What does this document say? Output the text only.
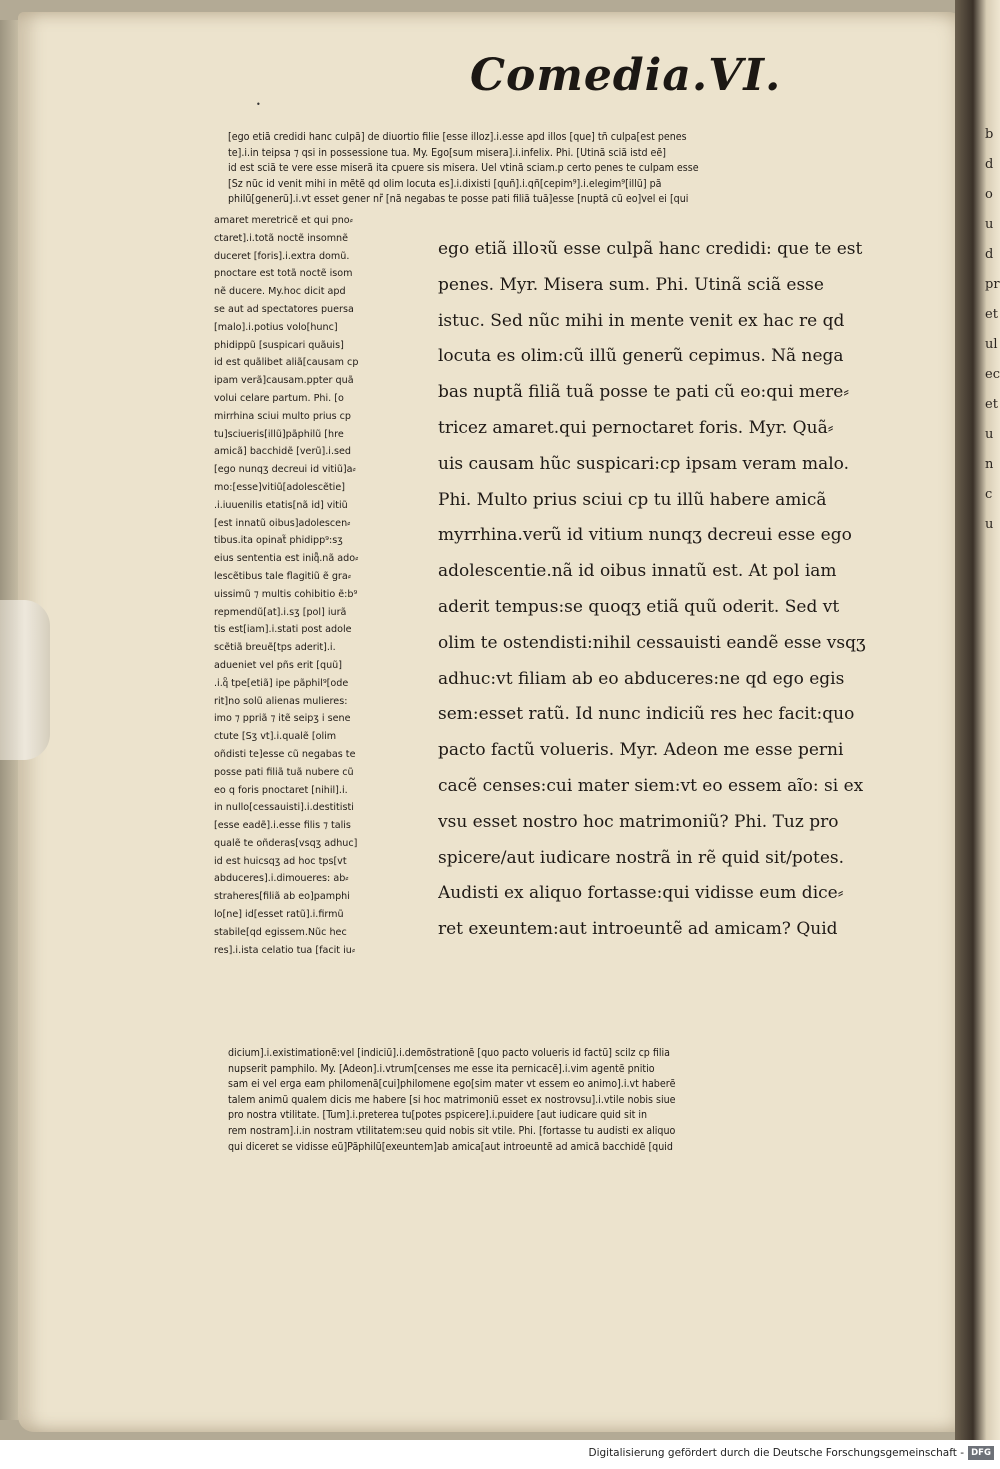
bdoudpretulecetuncu
•
Comedia.VI.
[ego etiã credidi hanc culpã] de diuortio filie [esse illoz].i.esse apd illos [que] tñ culpa[est penes
te].i.in teipsa ⁊ qsi in possessione tua. My. Ego[sum misera].i.infelix. Phi. [Utinã sciã istd eẽ]
id est sciã te vere esse miserã ita cpuere sis misera. Uel vtinã sciam.p certo penes te culpam esse
[Sz nũc id venit mihi in mẽtẽ qd olim locuta es].i.dixisti [quñ].i.qñ[cepim⁹].i.elegim⁹[illũ] pã
philũ[generũ].i.vt esset gener nr̃ [nã negabas te posse pati filiã tuã]esse [nuptã cũ eo]vel ei [qui
amaret meretricẽ et qui pno⸗
ctaret].i.totã noctẽ insomnẽ
duceret [foris].i.extra domũ.
pnoctare est totã noctẽ isom
nẽ ducere. My.hoc dicit apd
se aut ad spectatores puersa
[malo].i.potius volo[hunc]
phidippũ [suspicari quãuis]
id est quãlibet aliã[causam cp
ipam verã]causam.ppter quã
volui celare partum. Phi. [o
mirrhina sciui multo prius cp
tu]sciueris[illũ]pãphilũ [hre
amicã] bacchidẽ [verũ].i.sed
[ego nunqʒ decreui id vitiũ]a⸗
mo:[esse]vitiũ[adolescẽtie]
.i.iuuenilis etatis[nã id] vitiũ
[est innatũ oibus]adolescen⸗
tibus.ita opinat̃ phidipp⁹:sʒ
eius sententia est iniqͣ.nã ado⸗
lescẽtibus tale flagitiũ ẽ gra⸗
uissimũ ⁊ multis cohibitio ẽ:b⁹
repmendũ[at].i.sʒ [pol] iurã
tis est[iam].i.stati post adole
scẽtiã breuẽ[tps aderit].i.
adueniet vel pñs erit [quũ]
.i.qͦ tpe[etiã] ipe pãphil⁹[ode
rit]no solũ alienas mulieres:
imo ⁊ ppriã ⁊ itẽ seipʒ i sene
ctute [Sʒ vt].i.qualẽ [olim
oñdisti te]esse cũ negabas te
posse pati filiã tuã nubere cũ
eo q foris pnoctaret [nihil].i.
in nullo[cessauisti].i.destitisti
[esse eadẽ].i.esse filis ⁊ talis
qualẽ te oñderas[vsqʒ adhuc]
id est huicsqʒ ad hoc tps[vt
abduceres].i.dimoueres: ab⸗
straheres[filiã ab eo]pamphi
lo[ne] id[esset ratũ].i.firmũ
stabile[qd egissem.Nũc hec
res].i.ista celatio tua [facit iu⸗
ego etiã illoꝛũ esse culpã hanc credidi: que te est
penes. Myr. Misera sum. Phi. Utinã sciã esse
istuc. Sed nũc mihi in mente venit ex hac re qd
locuta es olim:cũ illũ generũ cepimus. Nã nega
bas nuptã filiã tuã posse te pati cũ eo:qui mere⸗
tricez amaret.qui pernoctaret foris. Myr. Quã⸗
uis causam hũc suspicari:cp ipsam veram malo.
Phi. Multo prius sciui cp tu illũ habere amicã
myrrhina.verũ id vitium nunqʒ decreui esse ego
adolescentie.nã id oibus innatũ est. At pol iam
aderit tempus:se quoqʒ etiã quũ oderit. Sed vt
olim te ostendisti:nihil cessauisti eandẽ esse vsqʒ
adhuc:vt filiam ab eo abduceres:ne qd ego egis
sem:esset ratũ. Id nunc indiciũ res hec facit:quo
pacto factũ volueris. Myr. Adeon me esse perni
cacẽ censes:cui mater siem:vt eo essem aĩo: si ex
vsu esset nostro hoc matrimoniũ? Phi. Tuz pro
spicere/aut iudicare nostrã in rẽ quid sit/potes.
Audisti ex aliquo fortasse:qui vidisse eum dice⸗
ret exeuntem:aut introeuntẽ ad amicam? Quid
dicium].i.existimationẽ:vel [indiciũ].i.demõstrationẽ [quo pacto volueris id factũ] scilz cp filia
nupserit pamphilo. My. [Adeon].i.vtrum[censes me esse ita pernicacẽ].i.vim agentẽ pnitio
sam ei vel erga eam philomenã[cui]philomene ego[sim mater vt essem eo animo].i.vt haberẽ
talem animũ qualem dicis me habere [si hoc matrimoniũ esset ex nostrovsu].i.vtile nobis siue
pro nostra vtilitate. [Tum].i.preterea tu[potes pspicere].i.puidere [aut iudicare quid sit in
rem nostram].i.in nostram vtilitatem:seu quid nobis sit vtile. Phi. [fortasse tu audisti ex aliquo
qui diceret se vidisse eũ]Pãphilũ[exeuntem]ab amica[aut introeuntẽ ad amicã bacchidẽ [quid
Digitalisierung gefördert durch die Deutsche Forschungsgemeinschaft - DFG
